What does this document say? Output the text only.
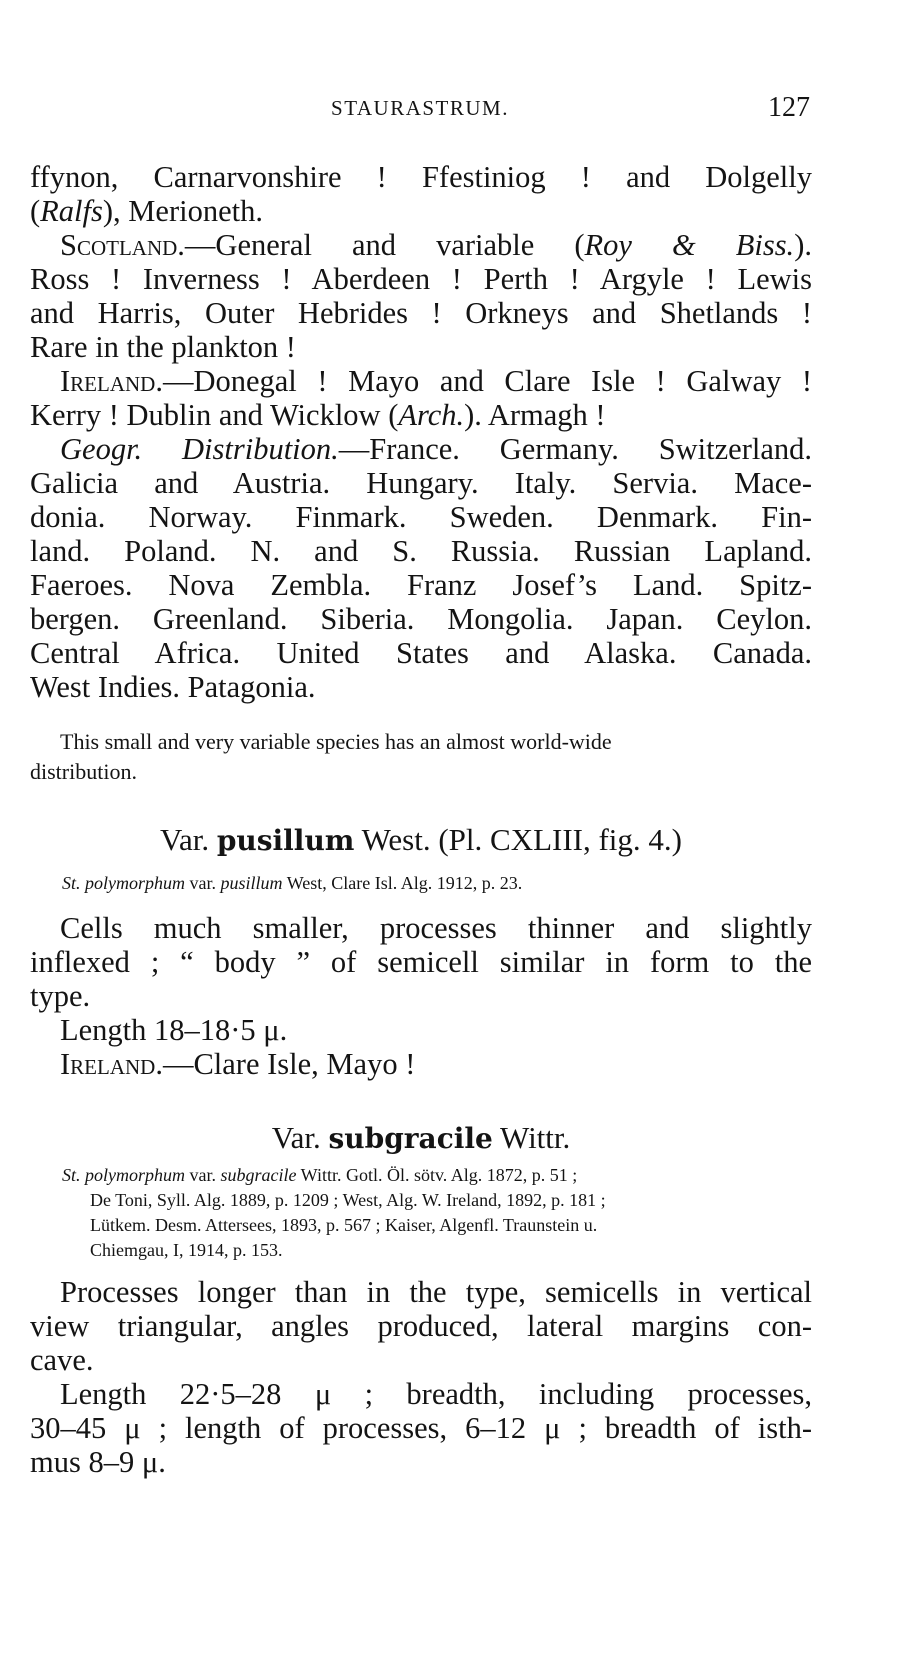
STAURASTRUM.	127

ffynon, Carnarvonshire ! Ffestiniog ! and Dolgelly

(Ralfs), Merioneth.

Scotland.—General and variable (Roy & Biss.).

Ross ! Inverness ! Aberdeen ! Perth ! Argyle ! Lewis

and Harris, Outer Hebrides ! Orkneys and Shetlands !

Rare in the plankton !

Ireland.—Donegal ! Mayo and Clare Isle ! Galway !

Kerry ! Dublin and Wicklow (Arch.). Armagh !

Geogr. Distribution.—France. Germany. Switzerland.

Galicia and Austria. Hungary. Italy. Servia. Mace-

donia. Norway. Finmark. Sweden. Denmark. Fin-

land. Poland. N. and S. Russia. Russian Lapland.

Faeroes. Nova Zembla. Franz Josef’s Land. Spitz-

bergen. Greenland. Siberia. Mongolia. Japan. Ceylon.

Central Africa. United States and Alaska. Canada.

West Indies. Patagonia.

This small and very variable species has an almost world-wide

distribution.

Var. pusillum West. (Pl. CXLIII, fig. 4.)
St. polymorphum var. pusillum West, Clare Isl. Alg. 1912, p. 23.

Cells much smaller, processes thinner and slightly

inflexed ; “ body ” of semicell similar in form to the

type.

Length 18–18·5 μ.

Ireland.—Clare Isle, Mayo !

Var. subgracile Wittr.
St. polymorphum var. subgracile Wittr. Gotl. Öl. sötv. Alg. 1872, p. 51 ;
De Toni, Syll. Alg. 1889, p. 1209 ; West, Alg. W. Ireland, 1892, p. 181 ;
Lütkem. Desm. Attersees, 1893, p. 567 ; Kaiser, Algenfl. Traunstein u.
Chiemgau, I, 1914, p. 153.

Processes longer than in the type, semicells in vertical

view triangular, angles produced, lateral margins con-

cave.

Length 22·5–28 μ ; breadth, including processes,

30–45 μ ; length of processes, 6–12 μ ; breadth of isth-

mus 8–9 μ.
